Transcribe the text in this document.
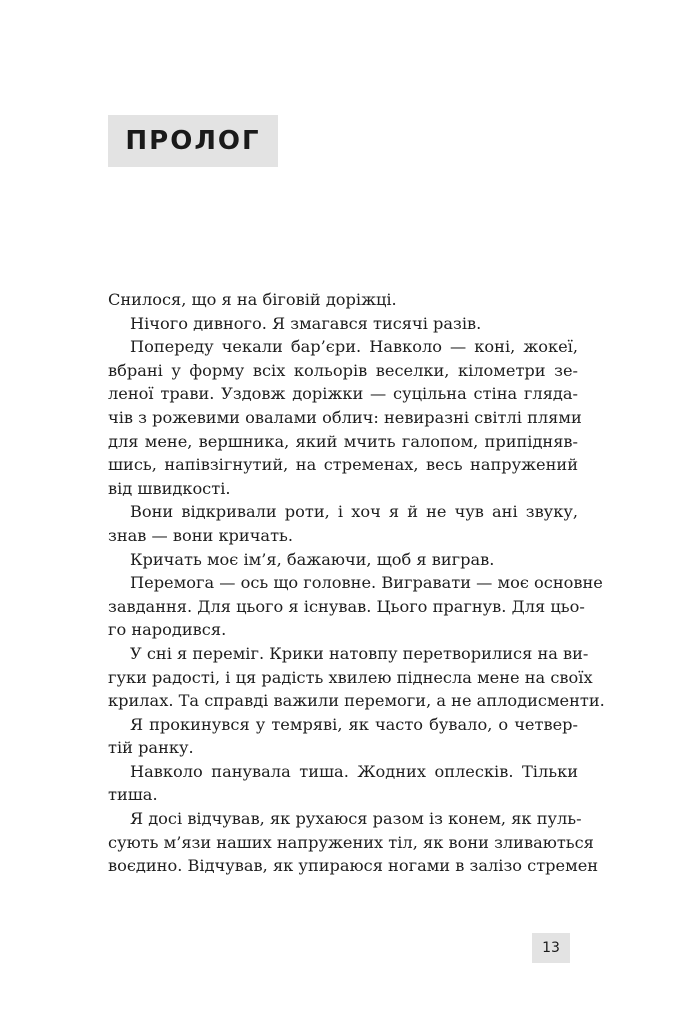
ПРОЛОГ
Снилося, що я на біговій доріжці.
Нічого дивного. Я змагався тисячі разів.
Попереду чекали бар’єри. Навколо — коні, жокеї,
вбрані у форму всіх кольорів веселки, кілометри зе-
леної трави. Уздовж доріжки — суцільна стіна гляда-
чів з рожевими овалами облич: невиразні світлі плями
для мене, вершника, який мчить галопом, припідняв-
шись, напівзігнутий, на стременах, весь напружений
від швидкості.
Вони відкривали роти, і хоч я й не чув ані звуку,
знав — вони кричать.
Кричать моє ім’я, бажаючи, щоб я виграв.
Перемога — ось що головне. Вигравати — моє основне
завдання. Для цього я існував. Цього прагнув. Для цьо-
го народився.
У сні я переміг. Крики натовпу перетворилися на ви-
гуки радості, і ця радість хвилею піднесла мене на своїх
крилах. Та справді важили перемоги, а не аплодисменти.
Я прокинувся у темряві, як часто бувало, о четвер-
тій ранку.
Навколо панувала тиша. Жодних оплесків. Тільки
тиша.
Я досі відчував, як рухаюся разом із конем, як пуль-
сують м’язи наших напружених тіл, як вони зливаються
воєдино. Відчував, як упираюся ногами в залізо стремен
13
